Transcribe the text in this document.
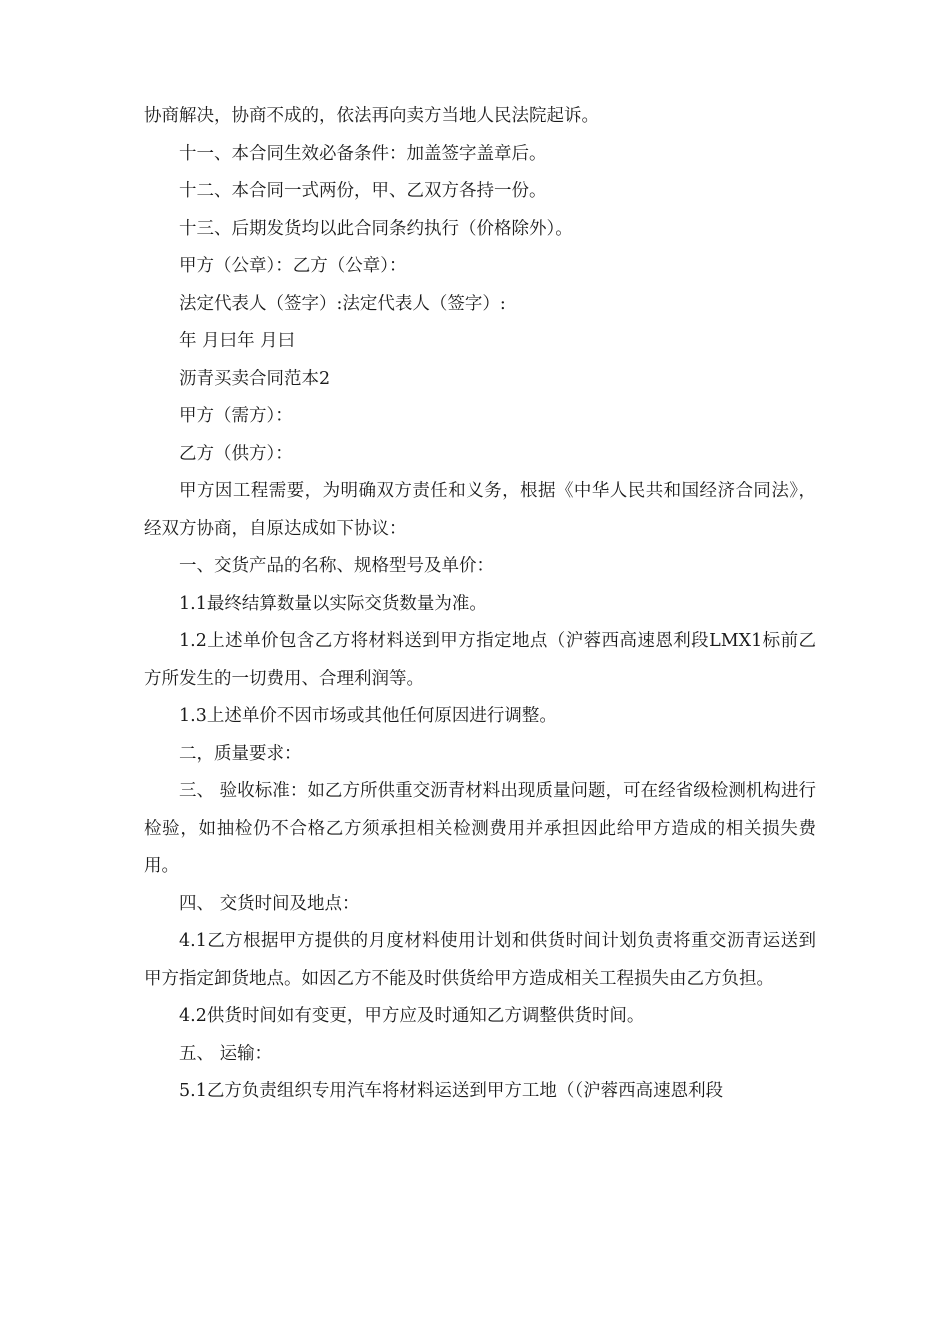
协商解决，协商不成的，依法再向卖方当地人民法院起诉。

十一、本合同生效必备条件：加盖签字盖章后。

十二、本合同一式两份，甲、乙双方各持一份。

十三、后期发货均以此合同条约执行（价格除外）。

甲方（公章）：乙方（公章）：

法定代表人（签字）:法定代表人（签字）:

年 月曰年 月曰

沥青买卖合同范本2

甲方（需方）：

乙方（供方）：

甲方因工程需要，为明确双方责任和义务，根据《中华人民共和国经济合同法》，经双方协商，自原达成如下协议：

一、交货产品的名称、规格型号及单价：

1.1最终结算数量以实际交货数量为准。

1.2上述单价包含乙方将材料送到甲方指定地点（沪蓉西高速恩利段LMX1标前乙方所发生的一切费用、合理利润等。

1.3上述单价不因市场或其他任何原因进行调整。

二，质量要求：

三、 验收标准：如乙方所供重交沥青材料出现质量问题，可在经省级检测机构进行检验，如抽检仍不合格乙方须承担相关检测费用并承担因此给甲方造成的相关损失费用。

四、 交货时间及地点：

4.1乙方根据甲方提供的月度材料使用计划和供货时间计划负责将重交沥青运送到甲方指定卸货地点。如因乙方不能及时供货给甲方造成相关工程损失由乙方负担。

4.2供货时间如有变更，甲方应及时通知乙方调整供货时间。

五、 运输：

5.1乙方负责组织专用汽车将材料运送到甲方工地（（沪蓉西高速恩利段
